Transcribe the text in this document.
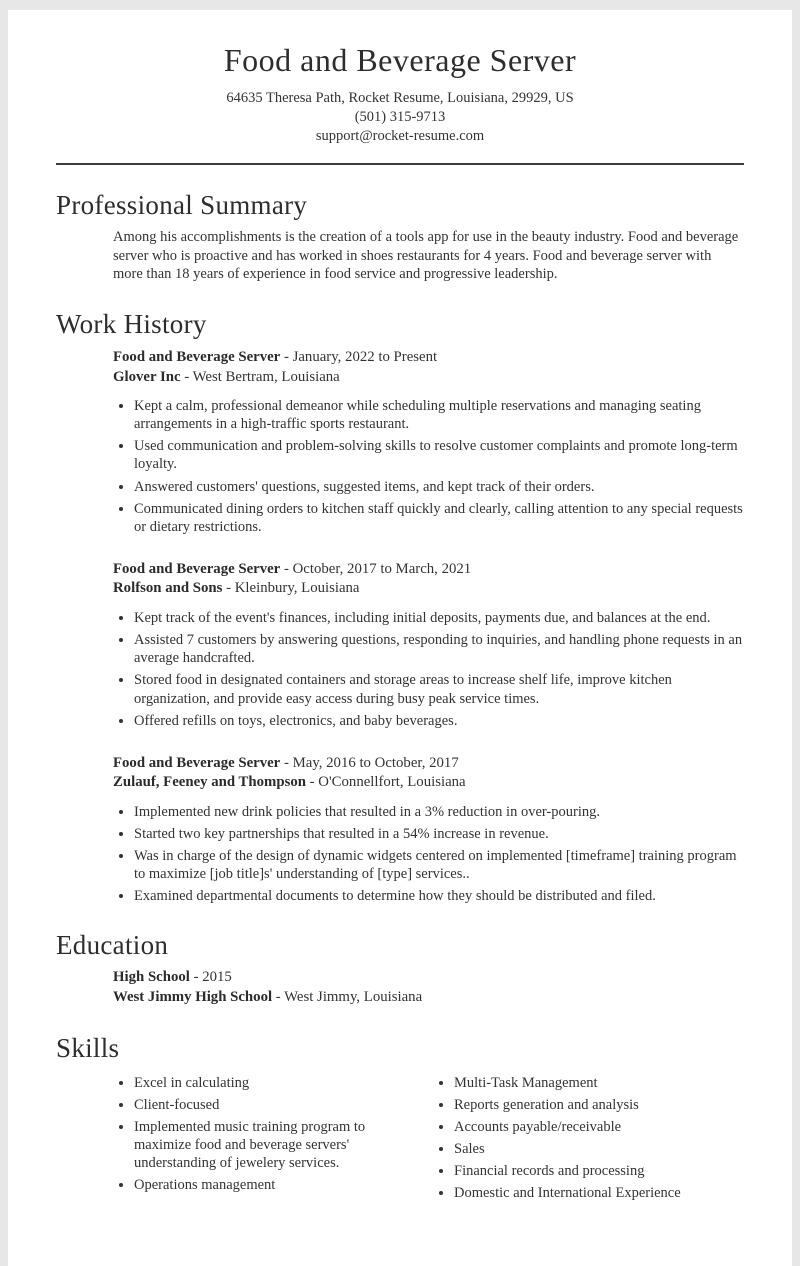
Food and Beverage Server
64635 Theresa Path, Rocket Resume, Louisiana, 29929, US
(501) 315-9713
support@rocket-resume.com
Professional Summary

Among his accomplishments is the creation of a tools app for use in the beauty industry. Food and beverage server who is proactive and has worked in shoes restaurants for 4 years. Food and beverage server with more than 18 years of experience in food service and progressive leadership.

Work History
Food and Beverage Server - January, 2022 to Present
Glover Inc - West Bertram, Louisiana
• Kept a calm, professional demeanor while scheduling multiple reservations and managing seating arrangements in a high-traffic sports restaurant.
• Used communication and problem-solving skills to resolve customer complaints and promote long-term loyalty.
• Answered customers' questions, suggested items, and kept track of their orders.
• Communicated dining orders to kitchen staff quickly and clearly, calling attention to any special requests or dietary restrictions.
Food and Beverage Server - October, 2017 to March, 2021
Rolfson and Sons - Kleinbury, Louisiana
• Kept track of the event's finances, including initial deposits, payments due, and balances at the end.
• Assisted 7 customers by answering questions, responding to inquiries, and handling phone requests in an average handcrafted.
• Stored food in designated containers and storage areas to increase shelf life, improve kitchen organization, and provide easy access during busy peak service times.
• Offered refills on toys, electronics, and baby beverages.
Food and Beverage Server - May, 2016 to October, 2017
Zulauf, Feeney and Thompson - O'Connellfort, Louisiana
• Implemented new drink policies that resulted in a 3% reduction in over-pouring.
• Started two key partnerships that resulted in a 54% increase in revenue.
• Was in charge of the design of dynamic widgets centered on implemented [timeframe] training program to maximize [job title]s' understanding of [type] services..
• Examined departmental documents to determine how they should be distributed and filed.
Education
High School - 2015
West Jimmy High School - West Jimmy, Louisiana
Skills
• Excel in calculating
• Client-focused
• Implemented music training program to maximize food and beverage servers' understanding of jewelery services.
• Operations management
• Multi-Task Management
• Reports generation and analysis
• Accounts payable/receivable
• Sales
• Financial records and processing
• Domestic and International Experience
